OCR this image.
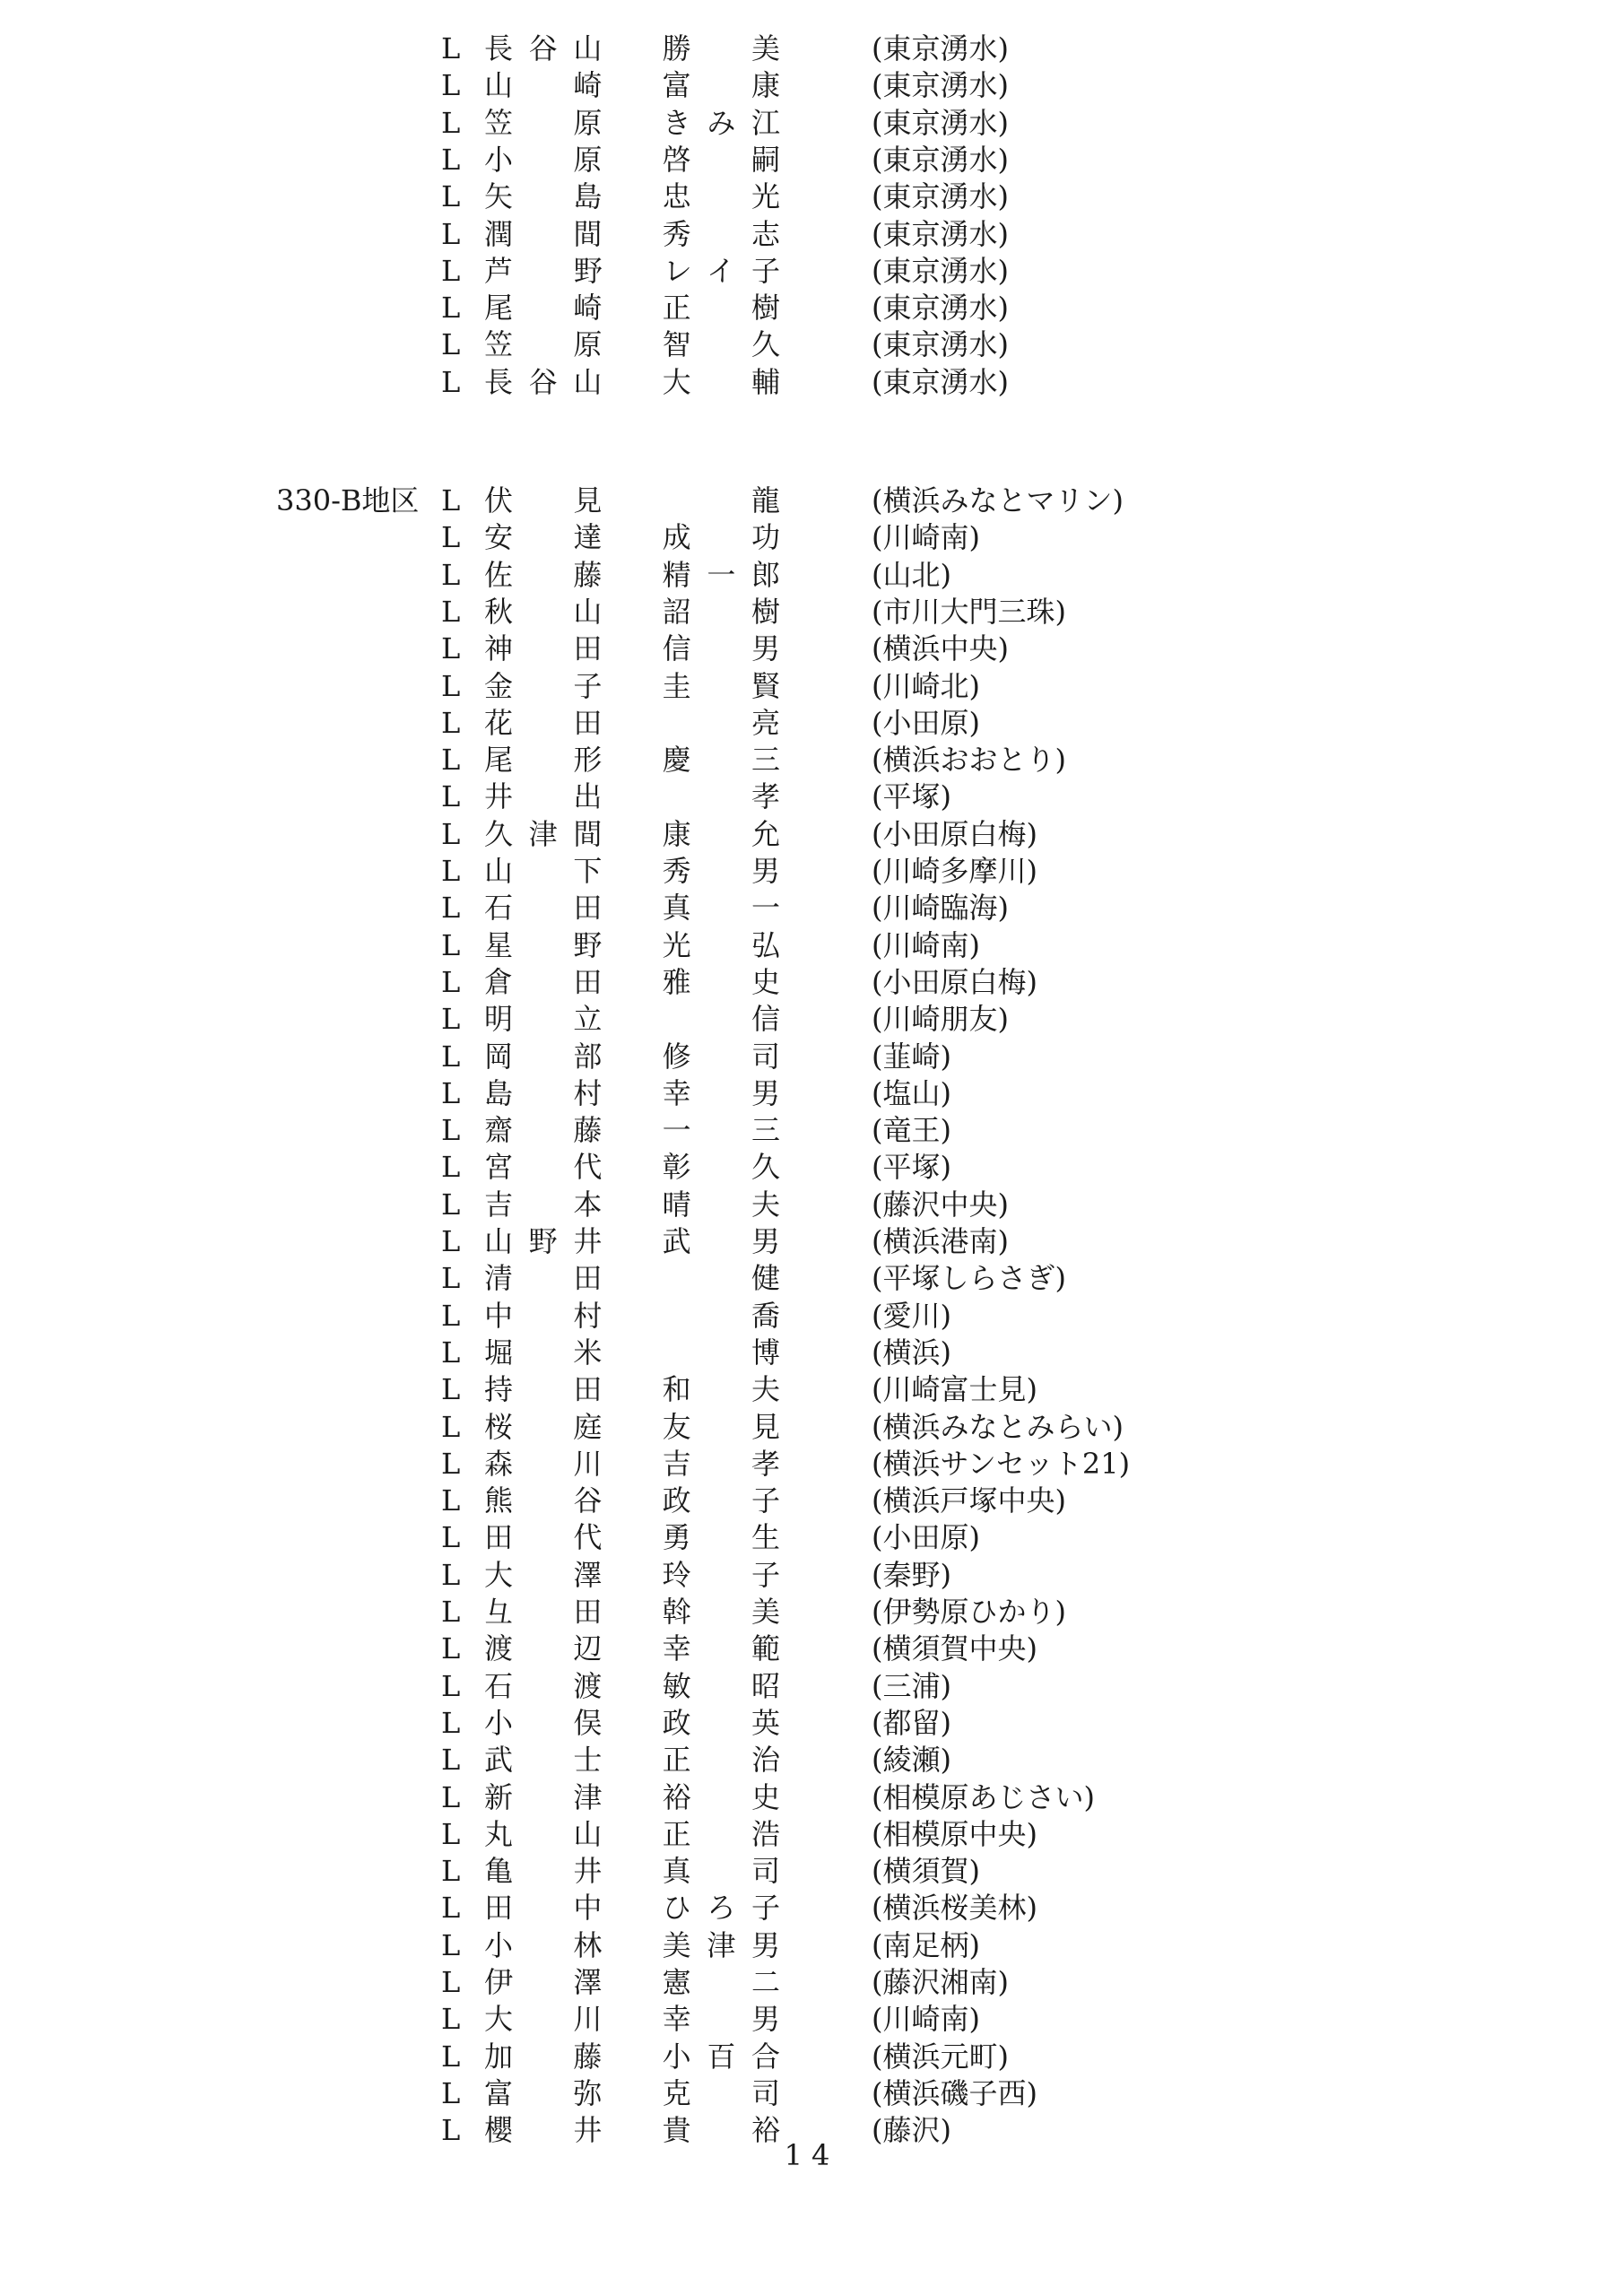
L 長谷山　勝　美	(東京湧水)
L 山　崎　富　康	(東京湧水)
L 笠　原　きみ江	(東京湧水)
L 小　原　啓　嗣	(東京湧水)
L 矢　島　忠　光	(東京湧水)
L 潤　間　秀　志	(東京湧水)
L 芦　野　レイ子	(東京湧水)
L 尾　崎　正　樹	(東京湧水)
L 笠　原　智　久	(東京湧水)
L 長谷山　大　輔	(東京湧水)
330-B地区 L 伏　見　　　龍	(横浜みなとマリン)
L 安　達　成　功	(川崎南)
L 佐　藤　精一郎	(山北)
L 秋　山　詔　樹	(市川大門三珠)
L 神　田　信　男	(横浜中央)
L 金　子　圭　賢	(川崎北)
L 花　田　　　亮	(小田原)
L 尾　形　慶　三	(横浜おおとり)
L 井　出　　　孝	(平塚)
L 久津間　康　允	(小田原白梅)
L 山　下　秀　男	(川崎多摩川)
L 石　田　真　一	(川崎臨海)
L 星　野　光　弘	(川崎南)
L 倉　田　雅　史	(小田原白梅)
L 明　立　　　信	(川崎朋友)
L 岡　部　修　司	(韮崎)
L 島　村　幸　男	(塩山)
L 齋　藤　一　三	(竜王)
L 宮　代　彰　久	(平塚)
L 吉　本　晴　夫	(藤沢中央)
L 山野井　武　男	(横浜港南)
L 清　田　　　健	(平塚しらさぎ)
L 中　村　　　喬	(愛川)
L 堀　米　　　博	(横浜)
L 持　田　和　夫	(川崎富士見)
L 桜　庭　友　見	(横浜みなとみらい)
L 森　川　吉　孝	(横浜サンセット21)
L 熊　谷　政　子	(横浜戸塚中央)
L 田　代　勇　生	(小田原)
L 大　澤　玲　子	(秦野)
L 彑　田　斡　美	(伊勢原ひかり)
L 渡　辺　幸　範	(横須賀中央)
L 石　渡　敏　昭	(三浦)
L 小　俣　政　英	(都留)
L 武　士　正　治	(綾瀬)
L 新　津　裕　史	(相模原あじさい)
L 丸　山　正　浩	(相模原中央)
L 亀　井　真　司	(横須賀)
L 田　中　ひろ子	(横浜桜美林)
L 小　林　美津男	(南足柄)
L 伊　澤　憲　二	(藤沢湘南)
L 大　川　幸　男	(川崎南)
L 加　藤　小百合	(横浜元町)
L 富　弥　克　司	(横浜磯子西)
L 櫻　井　貴　裕	(藤沢)
14
